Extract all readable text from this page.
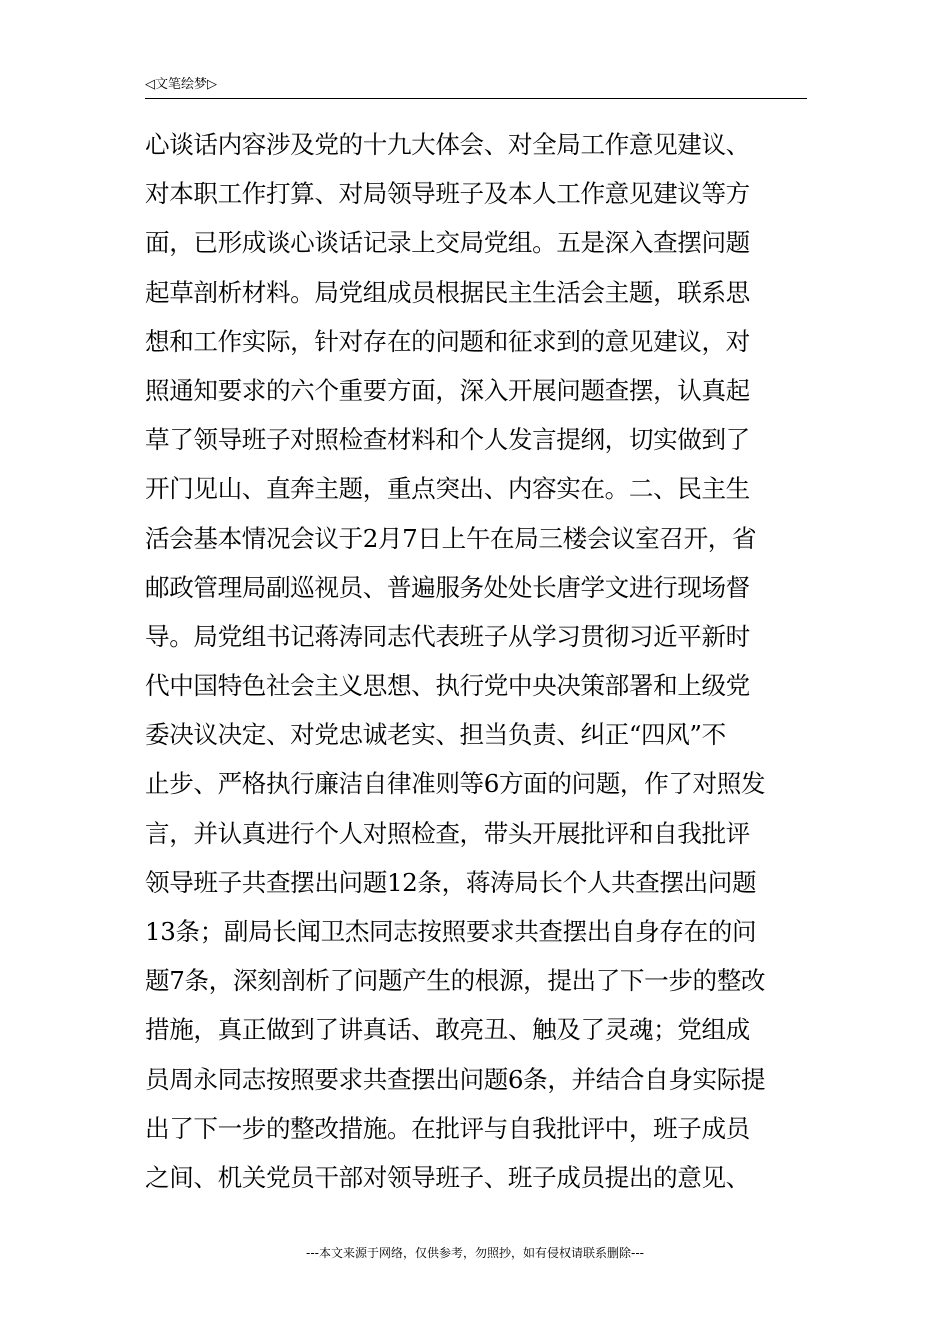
◁文笔绘梦▷
心谈话内容涉及党的十九大体会、对全局工作意见建议、
对本职工作打算、对局领导班子及本人工作意见建议等方
面，已形成谈心谈话记录上交局党组。五是深入查摆问题
起草剖析材料。局党组成员根据民主生活会主题，联系思
想和工作实际，针对存在的问题和征求到的意见建议，对
照通知要求的六个重要方面，深入开展问题查摆，认真起
草了领导班子对照检查材料和个人发言提纲，切实做到了
开门见山、直奔主题，重点突出、内容实在。二、民主生
活会基本情况会议于2月7日上午在局三楼会议室召开，省
邮政管理局副巡视员、普遍服务处处长唐学文进行现场督
导。局党组书记蒋涛同志代表班子从学习贯彻习近平新时
代中国特色社会主义思想、执行党中央决策部署和上级党
委决议决定、对党忠诚老实、担当负责、纠正“四风”不
止步、严格执行廉洁自律准则等6方面的问题，作了对照发
言，并认真进行个人对照检查，带头开展批评和自我批评
领导班子共查摆出问题12条，蒋涛局长个人共查摆出问题
13条；副局长闻卫杰同志按照要求共查摆出自身存在的问
题7条，深刻剖析了问题产生的根源，提出了下一步的整改
措施，真正做到了讲真话、敢亮丑、触及了灵魂；党组成
员周永同志按照要求共查摆出问题6条，并结合自身实际提
出了下一步的整改措施。在批评与自我批评中，班子成员
之间、机关党员干部对领导班子、班子成员提出的意见、
---本文来源于网络，仅供参考，勿照抄，如有侵权请联系删除---
